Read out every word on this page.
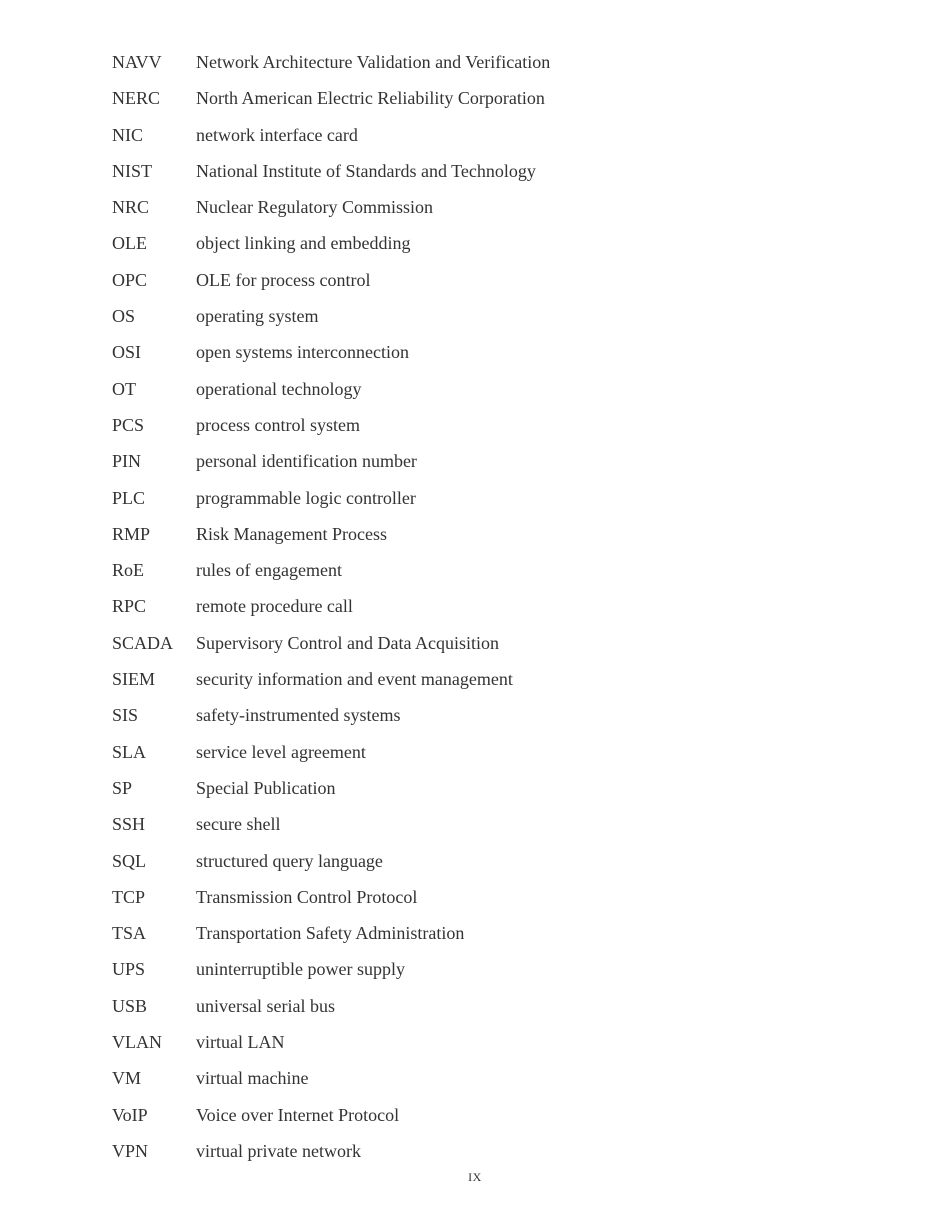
NAVV	Network Architecture Validation and Verification
NERC	North American Electric Reliability Corporation
NIC	network interface card
NIST	National Institute of Standards and Technology
NRC	Nuclear Regulatory Commission
OLE	object linking and embedding
OPC	OLE for process control
OS	operating system
OSI	open systems interconnection
OT	operational technology
PCS	process control system
PIN	personal identification number
PLC	programmable logic controller
RMP	Risk Management Process
RoE	rules of engagement
RPC	remote procedure call
SCADA	Supervisory Control and Data Acquisition
SIEM	security information and event management
SIS	safety-instrumented systems
SLA	service level agreement
SP	Special Publication
SSH	secure shell
SQL	structured query language
TCP	Transmission Control Protocol
TSA	Transportation Safety Administration
UPS	uninterruptible power supply
USB	universal serial bus
VLAN	virtual LAN
VM	virtual machine
VoIP	Voice over Internet Protocol
VPN	virtual private network
IX
